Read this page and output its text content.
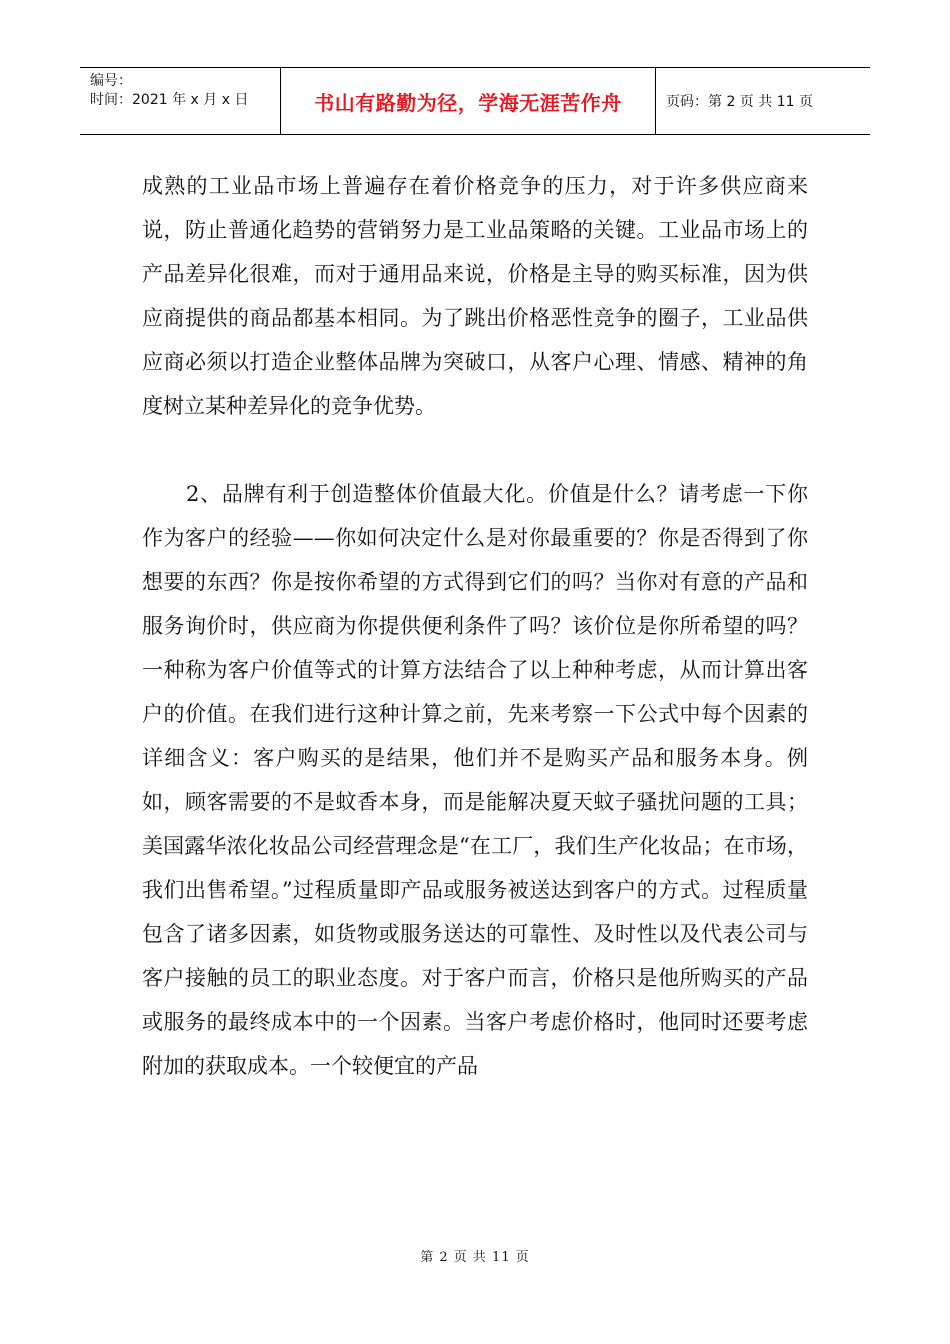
编号：
时间：2021 年 x 月 x 日	书山有路勤为径，学海无涯苦作舟	页码：第 2 页 共 11 页

成熟的工业品市场上普遍存在着价格竞争的压力，对于许多供应商来说，防止普通化趋势的营销努力是工业品策略的关键。工业品市场上的产品差异化很难，而对于通用品来说，价格是主导的购买标准，因为供应商提供的商品都基本相同。为了跳出价格恶性竞争的圈子，工业品供应商必须以打造企业整体品牌为突破口，从客户心理、情感、精神的角度树立某种差异化的竞争优势。

2、品牌有利于创造整体价值最大化。价值是什么？请考虑一下你作为客户的经验——你如何决定什么是对你最重要的？你是否得到了你想要的东西？你是按你希望的方式得到它们的吗？当你对有意的产品和服务询价时，供应商为你提供便利条件了吗？该价位是你所希望的吗？一种称为客户价值等式的计算方法结合了以上种种考虑，从而计算出客户的价值。在我们进行这种计算之前，先来考察一下公式中每个因素的详细含义：客户购买的是结果，他们并不是购买产品和服务本身。例如，顾客需要的不是蚊香本身，而是能解决夏天蚊子骚扰问题的工具；美国露华浓化妆品公司经营理念是“在工厂，我们生产化妆品；在市场，我们出售希望。”过程质量即产品或服务被送达到客户的方式。过程质量包含了诸多因素，如货物或服务送达的可靠性、及时性以及代表公司与客户接触的员工的职业态度。对于客户而言，价格只是他所购买的产品或服务的最终成本中的一个因素。当客户考虑价格时，他同时还要考虑附加的获取成本。一个较便宜的产品

第 2 页 共 11 页
